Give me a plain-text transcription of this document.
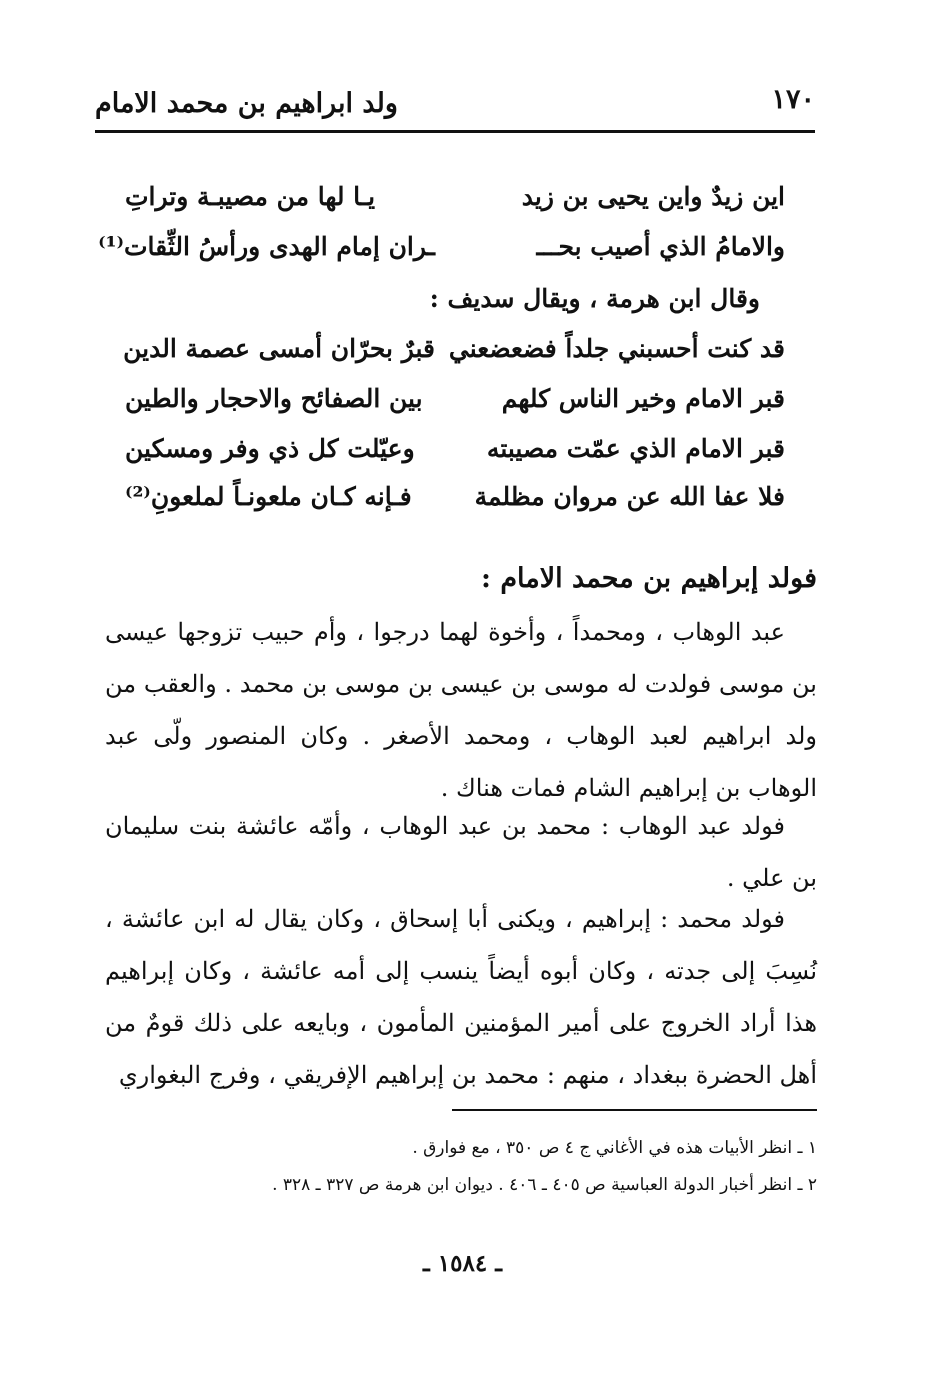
١٧٠
ولد ابراهيم بن محمد الامام
اين زيدٌ واين يحيى بن زيد
يـا لها من مصيبـة وتراتِ
والامامُ الذي أصيب بحـــ
ـران إمام الهدى ورأسُ الثِّقات⁽¹⁾
وقال ابن هرمة ، ويقال سديف :
قد كنت أحسبني جلداً فضعضعني
قبرٌ بحرّان أمسى عصمة الدين
قبر الامام وخير الناس كلهم
بين الصفائح والاحجار والطين
قبر الامام الذي عمّت مصيبته
وعيّلت كل ذي وفر ومسكين
فلا عفا الله عن مروان مظلمة
فـإنه كـان ملعونـاً لملعونِ⁽²⁾
فولد إبراهيم بن محمد الامام :
عبد الوهاب ، ومحمداً ، وأخوة لهما درجوا ، وأم حبيب تزوجها عيسى بن موسى فولدت له موسى بن عيسى بن موسى بن محمد . والعقب من ولد ابراهيم لعبد الوهاب ، ومحمد الأصغر . وكان المنصور ولّى عبد الوهاب بن إبراهيم الشام فمات هناك .
فولد عبد الوهاب : محمد بن عبد الوهاب ، وأمّه عائشة بنت سليمان بن علي .
فولد محمد : إبراهيم ، ويكنى أبا إسحاق ، وكان يقال له ابن عائشة ، نُسِبَ إلى جدته ، وكان أبوه أيضاً ينسب إلى أمه عائشة ، وكان إبراهيم هذا أراد الخروج على أمير المؤمنين المأمون ، وبايعه على ذلك قومٌ من أهل الحضرة ببغداد ، منهم : محمد بن إبراهيم الإفريقي ، وفرج البغواري
١ ـ انظر الأبيات هذه في الأغاني ج ٤ ص ٣٥٠ ، مع فوارق .
٢ ـ انظر أخبار الدولة العباسية ص ٤٠٥ ـ ٤٠٦ . ديوان ابن هرمة ص ٣٢٧ ـ ٣٢٨ .
ـ ١٥٨٤ ـ
